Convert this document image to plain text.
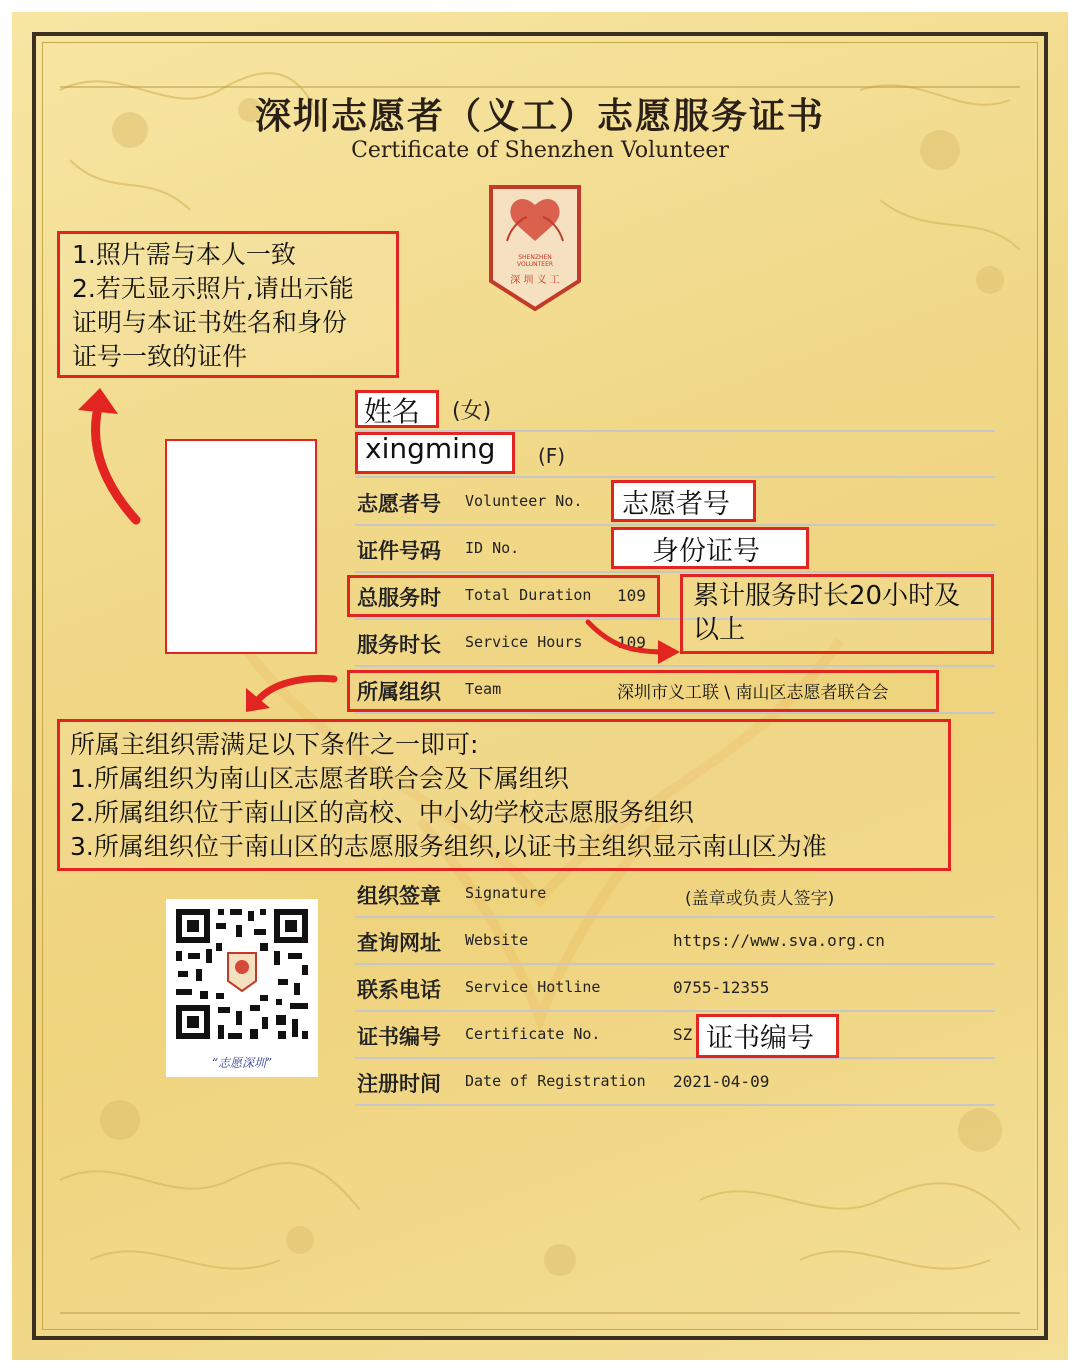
深圳志愿者（义工）志愿服务证书
Certificate of Shenzhen Volunteer
SHENZHEN
VOLUNTEER
深 圳 义 工
1.照片需与本人一致
2.若无显示照片,请出示能
证明与本证书姓名和身份
证号一致的证件
姓名 (女)
xingming (F)
志愿者号 Volunteer No. 志愿者号
证件号码 ID No.	身份证号
总服务时 Total Duration 109
服务时长 Service Hours 109
累计服务时长20小时及
以上
所属组织 Team	深圳市义工联 \ 南山区志愿者联合会
所属主组织需满足以下条件之一即可:
1.所属组织为南山区志愿者联合会及下属组织
2.所属组织位于南山区的高校、中小幼学校志愿服务组织
3.所属组织位于南山区的志愿服务组织,以证书主组织显示南山区为准
组织签章 Signature	(盖章或负责人签字)
查询网址 Website	https://www.sva.org.cn
联系电话 Service Hotline	0755-12355
证书编号 Certificate No.	SZ 证书编号
注册时间 Date of Registration 2021-04-09
“志愿深圳”
